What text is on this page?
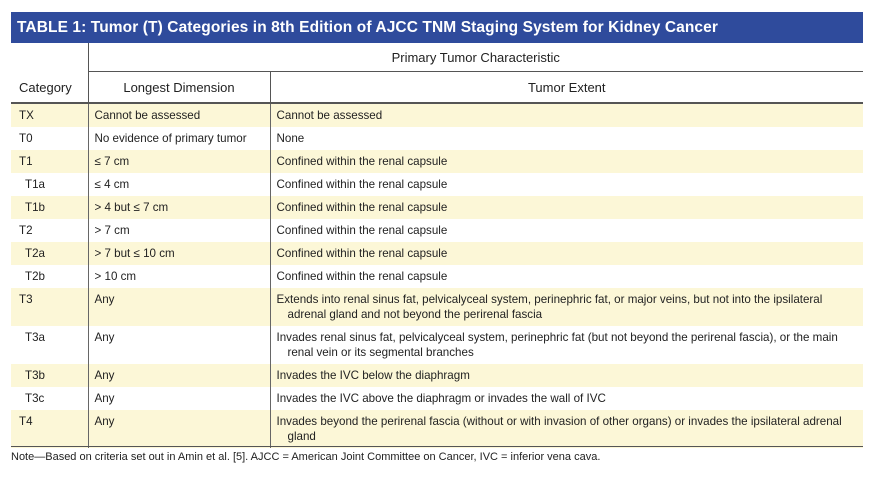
TABLE 1: Tumor (T) Categories in 8th Edition of AJCC TNM Staging System for Kidney Cancer
Category	Primary Tumor Characteristic	
	Longest Dimension	Tumor Extent
TX	Cannot be assessed	Cannot be assessed

T0	No evidence of primary tumor	None

T1	≤ 7 cm	Confined within the renal capsule

T1a	≤ 4 cm	Confined within the renal capsule

T1b	> 4 but ≤ 7 cm	Confined within the renal capsule

T2	> 7 cm	Confined within the renal capsule

T2a	> 7 but ≤ 10 cm	Confined within the renal capsule

T2b	> 10 cm	Confined within the renal capsule

T3	Any	Extends into renal sinus fat, pelvicalyceal system, perinephric fat, or major veins, but not into the ipsilateral adrenal gland and not beyond the perirenal fascia

T3a	Any	Invades renal sinus fat, pelvicalyceal system, perinephric fat (but not beyond the perirenal fascia), or the main renal vein or its segmental branches

T3b	Any	Invades the IVC below the diaphragm

T3c	Any	Invades the IVC above the diaphragm or invades the wall of IVC

T4	Any	Invades beyond the perirenal fascia (without or with invasion of other organs) or invades the ipsilateral adrenal gland
Note—Based on criteria set out in Amin et al. [5]. AJCC = American Joint Committee on Cancer, IVC = inferior vena cava.
